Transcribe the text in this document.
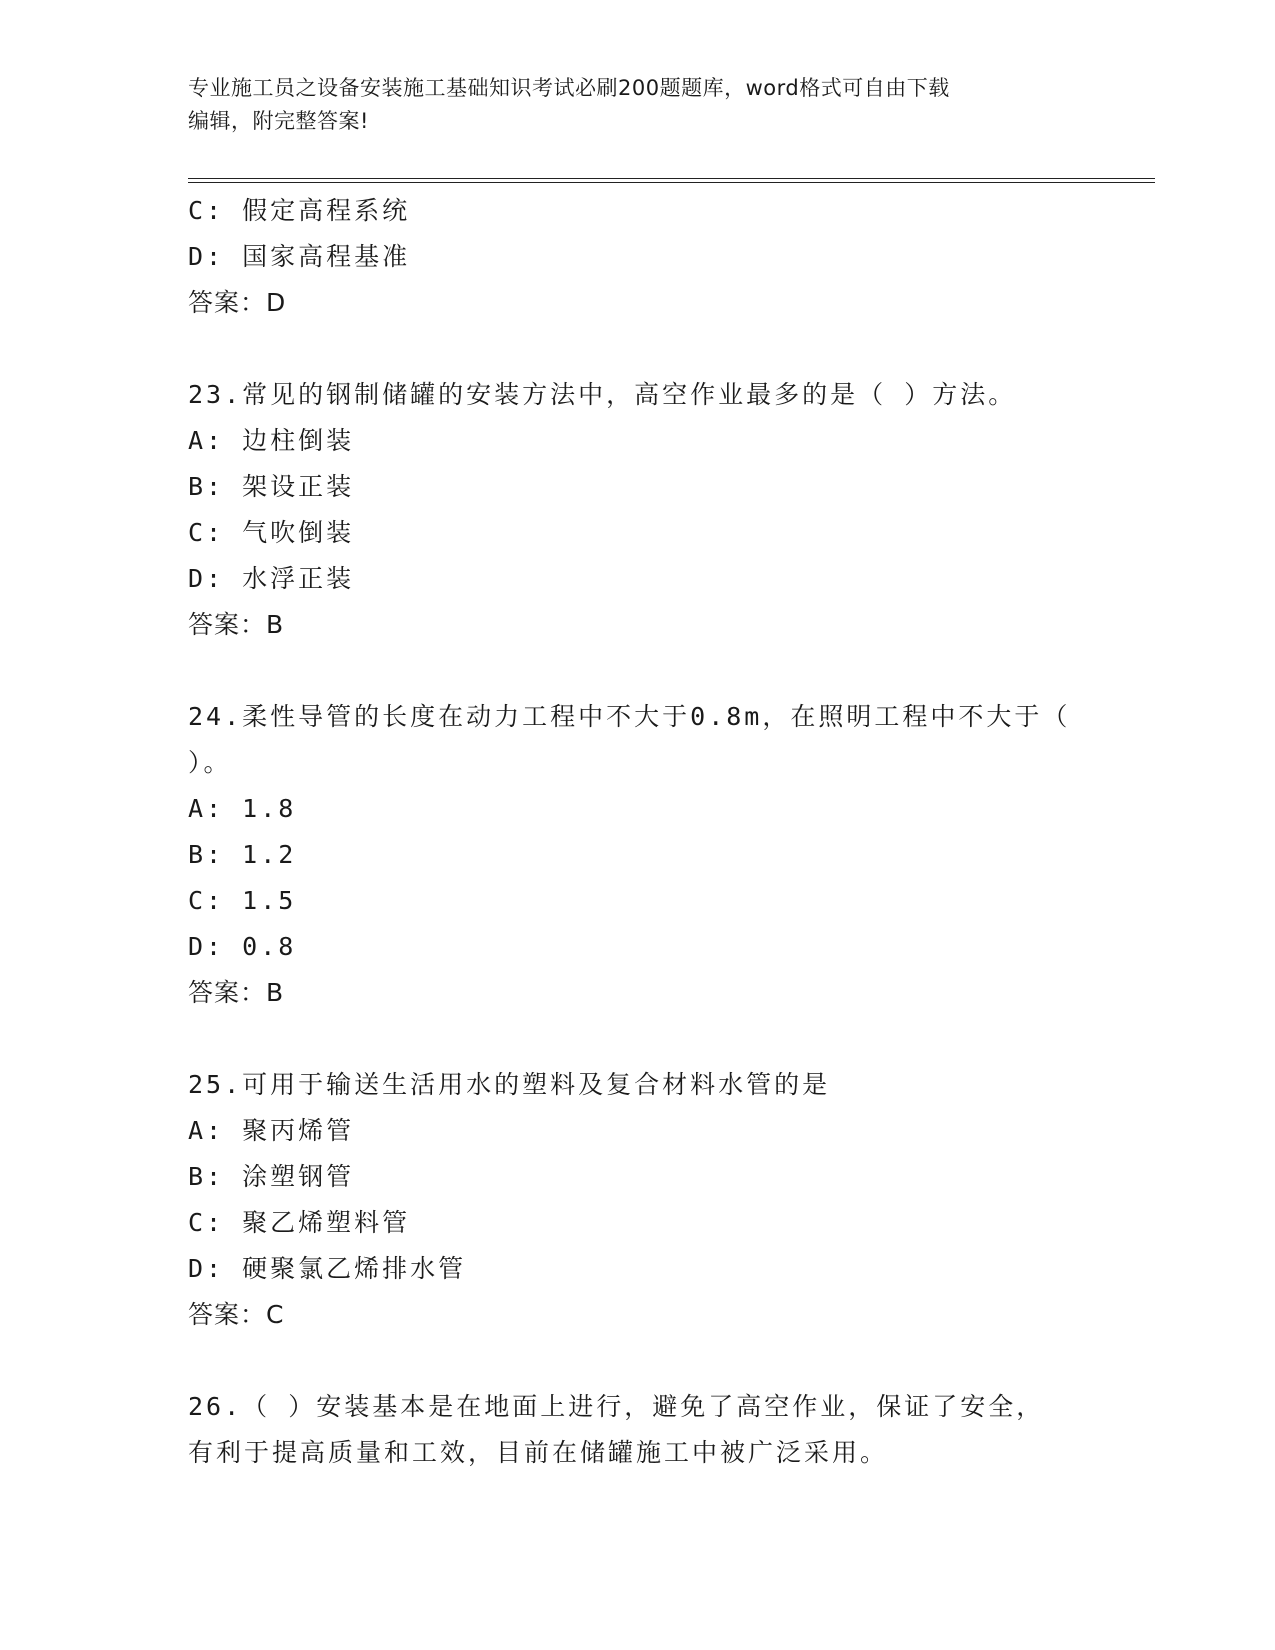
专业施工员之设备安装施工基础知识考试必刷200题题库，word格式可自由下载
编辑，附完整答案!
C: 假定高程系统
D: 国家高程基准
答案：D
23.常见的钢制储罐的安装方法中，高空作业最多的是（ ）方法。
A: 边柱倒装
B: 架设正装
C: 气吹倒装
D: 水浮正装
答案：B
24.柔性导管的长度在动力工程中不大于0.8m，在照明工程中不大于（
）。
A: 1.8
B: 1.2
C: 1.5
D: 0.8
答案：B
25.可用于输送生活用水的塑料及复合材料水管的是
A: 聚丙烯管
B: 涂塑钢管
C: 聚乙烯塑料管
D: 硬聚氯乙烯排水管
答案：C
26.（ ）安装基本是在地面上进行，避免了高空作业，保证了安全，
有利于提高质量和工效，目前在储罐施工中被广泛采用。
